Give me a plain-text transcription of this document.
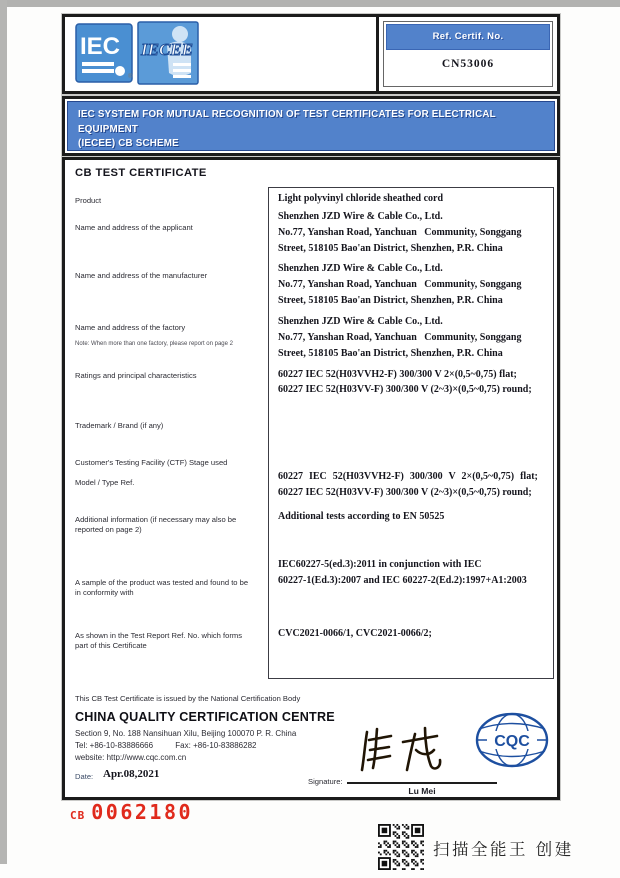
IEC IECEE
®
Ref. Certif. No.
CN53006
IEC SYSTEM FOR MUTUAL RECOGNITION OF TEST CERTIFICATES FOR ELECTRICAL EQUIPMENT
(IECEE) CB SCHEME
CB TEST CERTIFICATE
Product
Name and address of the applicant
Name and address of the manufacturer
Name and address of the factory
Note: When more than one factory, please report on page 2
Ratings and principal characteristics
Trademark / Brand (if any)
Customer's Testing Facility (CTF) Stage used
Model / Type Ref.
Additional information (if necessary may also be reported on page 2)
A sample of the product was tested and found to be in conformity with
As shown in the Test Report Ref. No. which forms part of this Certificate
Light polyvinyl chloride sheathed cord
Shenzhen JZD Wire & Cable Co., Ltd.
No.77, Yanshan Road, Yanchuan   Community, Songgang
Street, 518105 Bao'an District, Shenzhen, P.R. China
Shenzhen JZD Wire & Cable Co., Ltd.
No.77, Yanshan Road, Yanchuan   Community, Songgang
Street, 518105 Bao'an District, Shenzhen, P.R. China
Shenzhen JZD Wire & Cable Co., Ltd.
No.77, Yanshan Road, Yanchuan   Community, Songgang
Street, 518105 Bao'an District, Shenzhen, P.R. China
60227 IEC 52(H03VVH2-F) 300/300 V 2×(0,5~0,75) flat;
60227 IEC 52(H03VV-F) 300/300 V (2~3)×(0,5~0,75) round;
60227 IEC 52(H03VVH2-F) 300/300 V 2×(0,5~0,75) flat;
60227 IEC 52(H03VV-F) 300/300 V (2~3)×(0,5~0,75) round;
Additional tests according to EN 50525
IEC60227-5(ed.3):2011 in conjunction with IEC
60227-1(Ed.3):2007 and IEC 60227-2(Ed.2):1997+A1:2003
CVC2021-0066/1, CVC2021-0066/2;
This CB Test Certificate is issued by the National Certification Body
CHINA QUALITY CERTIFICATION CENTRE
Section 9, No. 188 Nansihuan Xilu, Beijing 100070 P. R. China
Tel: +86-10-83886666	Fax: +86-10-83886282
website: http://www.cqc.com.cn
Date: Apr.08,2021
Signature:
Lu Mei
CQC
CB 0062180
扫描全能王 创建
